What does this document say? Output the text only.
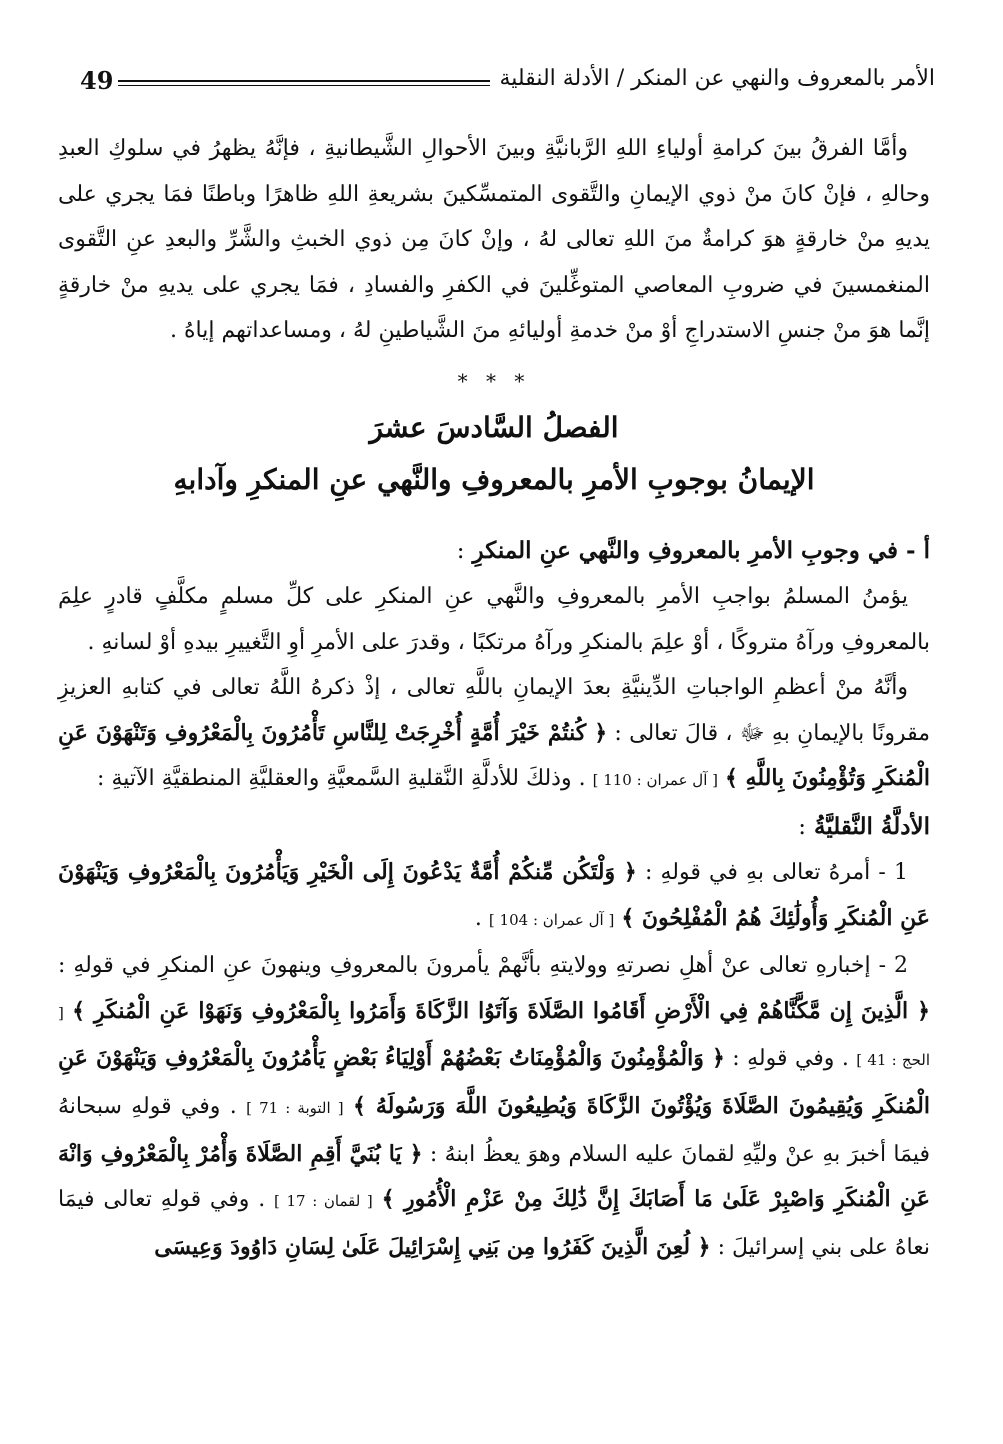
49	الأمر بالمعروف والنهي عن المنكر / الأدلة النقلية

وأمَّا الفرقُ بينَ كرامةِ أولياءِ اللهِ الرَّبانيَّةِ وبينَ الأحوالِ الشَّيطانيةِ ، فإنَّهُ يظهرُ في سلوكِ العبدِ وحالهِ ، فإنْ كانَ منْ ذوي الإيمانِ والتَّقوى المتمسِّكينَ بشريعةِ اللهِ ظاهرًا وباطنًا فمَا يجري على يديهِ منْ خارقةٍ هوَ كرامةٌ منَ اللهِ تعالى لهُ ، وإنْ كانَ مِن ذوي الخبثِ والشَّرِّ والبعدِ عنِ التَّقوى المنغمسينَ في ضروبِ المعاصي المتوغِّلينَ في الكفرِ والفسادِ ، فمَا يجري على يديهِ منْ خارقةٍ إنَّما هوَ منْ جنسِ الاستدراجِ أوْ منْ خدمةِ أوليائهِ منَ الشَّياطينِ لهُ ، ومساعداتهم إياهُ .

* * *
الفصلُ السَّادسَ عشرَ
الإيمانُ بوجوبِ الأمرِ بالمعروفِ والنَّهي عنِ المنكرِ وآدابهِ
أ - في وجوبِ الأمرِ بالمعروفِ والنَّهي عنِ المنكرِ :

يؤمنُ المسلمُ بواجبِ الأمرِ بالمعروفِ والنَّهي عنِ المنكرِ على كلِّ مسلمٍ مكلَّفٍ قادرٍ علِمَ بالمعروفِ ورآهُ متروكًا ، أوْ علِمَ بالمنكرِ ورآهُ مرتكبًا ، وقدرَ على الأمرِ أوِ التَّغييرِ بيدهِ أوْ لسانهِ .

وأنَّهُ منْ أعظمِ الواجباتِ الدِّينيَّةِ بعدَ الإيمانِ باللَّهِ تعالى ، إذْ ذكرهُ اللَّهُ تعالى في كتابهِ العزيزِ مقرونًا بالإيمانِ بهِ ﷻ ، قالَ تعالى : ﴿ كُنتُمْ خَيْرَ أُمَّةٍ أُخْرِجَتْ لِلنَّاسِ تَأْمُرُونَ بِالْمَعْرُوفِ وَتَنْهَوْنَ عَنِ الْمُنكَرِ وَتُؤْمِنُونَ بِاللَّهِ ﴾ [ آل عمران : 110 ] . وذلكَ للأدلَّةِ النَّقليةِ السَّمعيَّةِ والعقليَّةِ المنطقيَّةِ الآتيةِ :

الأدلَّةُ النَّقليَّةُ :

1 - أمرهُ تعالى بهِ في قولهِ : ﴿ وَلْتَكُن مِّنكُمْ أُمَّةٌ يَدْعُونَ إِلَى الْخَيْرِ وَيَأْمُرُونَ بِالْمَعْرُوفِ وَيَنْهَوْنَ عَنِ الْمُنكَرِ وَأُولَٰئِكَ هُمُ الْمُفْلِحُونَ ﴾ [ آل عمران : 104 ] .

2 - إخبارهِ تعالى عنْ أهلِ نصرتهِ وولايتهِ بأنَّهمْ يأمرونَ بالمعروفِ وينهونَ عنِ المنكرِ في قولهِ : ﴿ الَّذِينَ إِن مَّكَّنَّاهُمْ فِي الْأَرْضِ أَقَامُوا الصَّلَاةَ وَآتَوُا الزَّكَاةَ وَأَمَرُوا بِالْمَعْرُوفِ وَنَهَوْا عَنِ الْمُنكَرِ ﴾ [ الحج : 41 ] . وفي قولهِ : ﴿ وَالْمُؤْمِنُونَ وَالْمُؤْمِنَاتُ بَعْضُهُمْ أَوْلِيَاءُ بَعْضٍ يَأْمُرُونَ بِالْمَعْرُوفِ وَيَنْهَوْنَ عَنِ الْمُنكَرِ وَيُقِيمُونَ الصَّلَاةَ وَيُؤْتُونَ الزَّكَاةَ وَيُطِيعُونَ اللَّهَ وَرَسُولَهُ ﴾ [ التوبة : 71 ] . وفي قولهِ سبحانهُ فيمَا أخبرَ بهِ عنْ وليِّهِ لقمانَ عليه السلام وهوَ يعظُ ابنهُ : ﴿ يَا بُنَيَّ أَقِمِ الصَّلَاةَ وَأْمُرْ بِالْمَعْرُوفِ وَانْهَ عَنِ الْمُنكَرِ وَاصْبِرْ عَلَىٰ مَا أَصَابَكَ إِنَّ ذَٰلِكَ مِنْ عَزْمِ الْأُمُورِ ﴾ [ لقمان : 17 ] . وفي قولهِ تعالى فيمَا نعاهُ على بني إسرائيلَ : ﴿ لُعِنَ الَّذِينَ كَفَرُوا مِن بَنِي إِسْرَائِيلَ عَلَىٰ لِسَانِ دَاوُودَ وَعِيسَى
